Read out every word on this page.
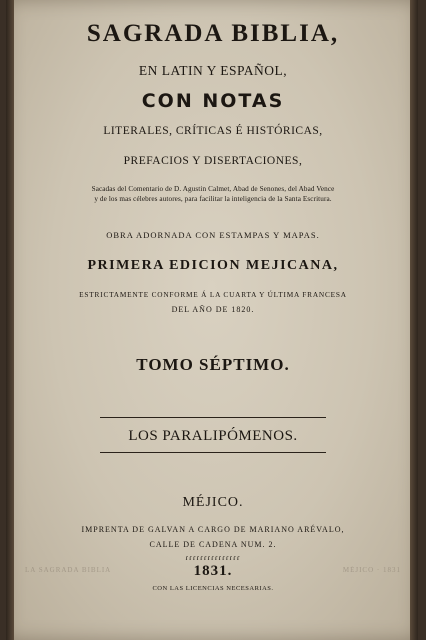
SAGRADA BIBLIA,
EN LATIN Y ESPAÑOL,
CON NOTAS
LITERALES, CRÍTICAS É HISTÓRICAS,
PREFACIOS Y DISERTACIONES,
Sacadas del Comentario de D. Agustin Calmet, Abad de Senones, del Abad Vence
y de los mas célebres autores, para facilitar la inteligencia de la Santa Escritura.
OBRA ADORNADA CON ESTAMPAS Y MAPAS.
PRIMERA EDICION MEJICANA,
ESTRICTAMENTE CONFORME Á LA CUARTA Y ÚLTIMA FRANCESA
DEL AÑO DE 1820.
TOMO SÉPTIMO.
LOS PARALIPÓMENOS.
MÉJICO.
IMPRENTA DE GALVAN A CARGO DE MARIANO ARÉVALO,
CALLE DE CADENA NUM. 2.
ɾɾɾɾɾɾɾɾɾɾɾɾɾɾɾ
1831.
CON LAS LICENCIAS NECESARIAS.
LA SAGRADA BIBLIA	MÉJICO · 1831
